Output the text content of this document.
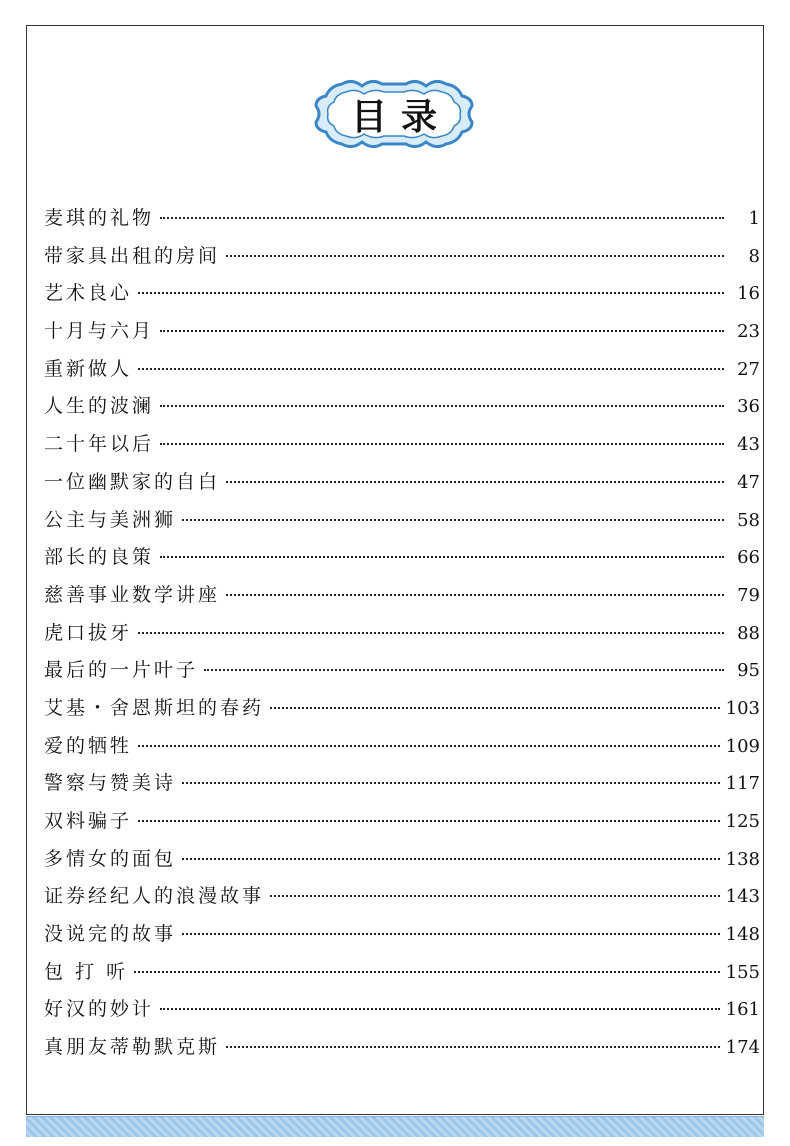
目录
麦琪的礼物	1
带家具出租的房间	8
艺术良心	16
十月与六月	23
重新做人	27
人生的波澜	36
二十年以后	43
一位幽默家的自白	47
公主与美洲狮	58
部长的良策	66
慈善事业数学讲座	79
虎口拔牙	88
最后的一片叶子	95
艾基・舍恩斯坦的春药	103
爱的牺牲	109
警察与赞美诗	117
双料骗子	125
多情女的面包	138
证券经纪人的浪漫故事	143
没说完的故事	148
包 打 听	155
好汉的妙计	161
真朋友蒂勒默克斯	174
